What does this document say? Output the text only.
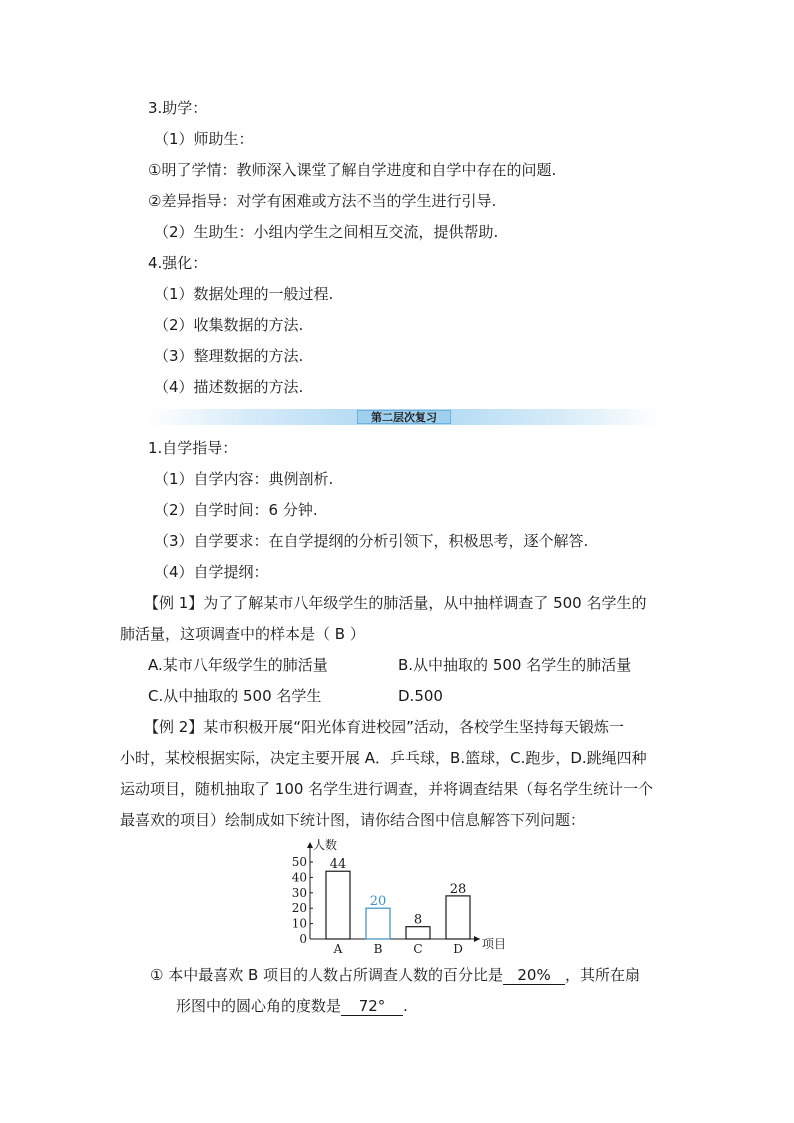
3.助学：
（1）师助生：
①明了学情：教师深入课堂了解自学进度和自学中存在的问题.
②差异指导：对学有困难或方法不当的学生进行引导.
（2）生助生：小组内学生之间相互交流，提供帮助.
4.强化：
（1）数据处理的一般过程.
（2）收集数据的方法.
（3）整理数据的方法.
（4）描述数据的方法.
第二层次复习
1.自学指导：
（1）自学内容：典例剖析.
（2）自学时间：6 分钟.
（3）自学要求：在自学提纲的分析引领下，积极思考，逐个解答.
（4）自学提纲：
【例 1】为了了解某市八年级学生的肺活量，从中抽样调查了 500 名学生的
肺活量，这项调查中的样本是（ B ）
A.某市八年级学生的肺活量	B.从中抽取的 500 名学生的肺活量
C.从中抽取的 500 名学生	D.500
【例 2】某市积极开展“阳光体育进校园”活动，各校学生坚持每天锻炼一
小时，某校根据实际，决定主要开展 A．乒乓球，B.篮球，C.跑步，D.跳绳四种
运动项目，随机抽取了 100 名学生进行调查，并将调查结果（每名学生统计一个
最喜欢的项目）绘制成如下统计图，请你结合图中信息解答下列问题：
人数
项目
0
10
20
30
40
50 44
A
20
B
8
C
28
D
① 本中最喜欢 B 项目的人数占所调查人数的百分比是 20% ，其所在扇
形图中的圆心角的度数是 72° .
